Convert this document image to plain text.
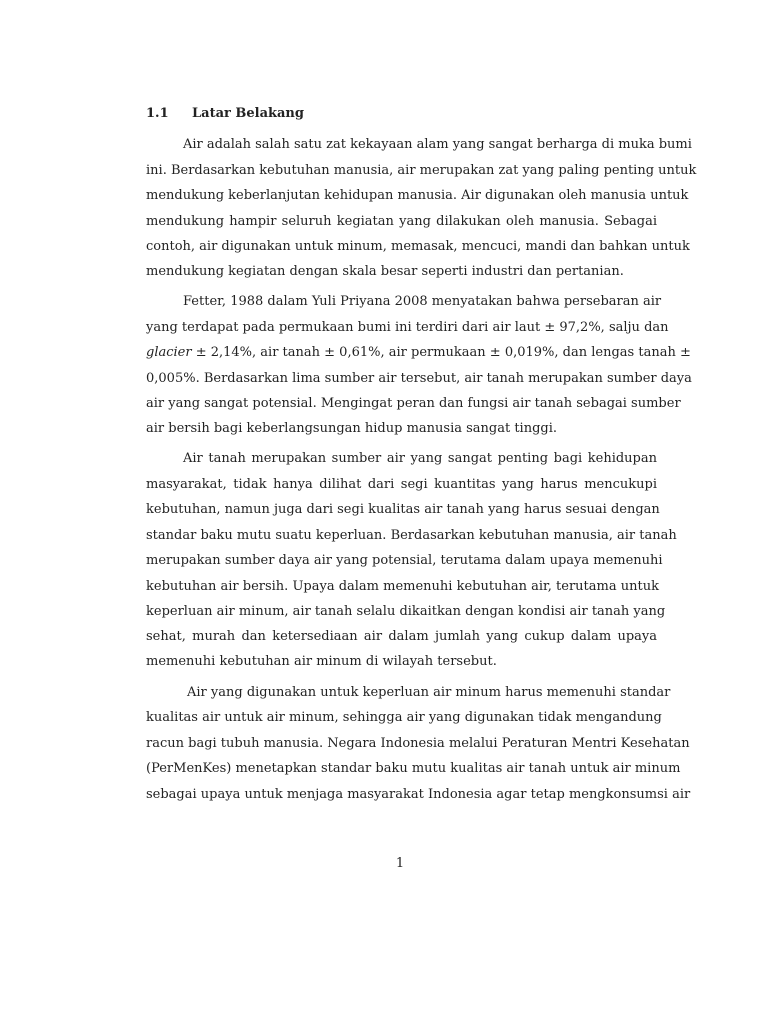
1.1 Latar Belakang
Air adalah salah satu zat kekayaan alam yang sangat berharga di muka bumi
ini. Berdasarkan kebutuhan manusia, air merupakan zat yang paling penting untuk
mendukung keberlanjutan kehidupan manusia. Air digunakan oleh manusia untuk
mendukung hampir seluruh kegiatan yang dilakukan oleh manusia. Sebagai
contoh, air digunakan untuk minum, memasak, mencuci, mandi dan bahkan untuk
mendukung kegiatan dengan skala besar seperti industri dan pertanian.
Fetter, 1988 dalam Yuli Priyana 2008 menyatakan bahwa persebaran air
yang terdapat pada permukaan bumi ini terdiri dari air laut ± 97,2%, salju dan
glacier ± 2,14%, air tanah ± 0,61%, air permukaan ± 0,019%, dan lengas tanah ±
0,005%. Berdasarkan lima sumber air tersebut, air tanah merupakan sumber daya
air yang sangat potensial. Mengingat peran dan fungsi air tanah sebagai sumber
air bersih bagi keberlangsungan hidup manusia sangat tinggi.
Air tanah merupakan sumber air yang sangat penting bagi kehidupan
masyarakat, tidak hanya dilihat dari segi kuantitas yang harus mencukupi
kebutuhan, namun juga dari segi kualitas air tanah yang harus sesuai dengan
standar baku mutu suatu keperluan. Berdasarkan kebutuhan manusia, air tanah
merupakan sumber daya air yang potensial, terutama dalam upaya memenuhi
kebutuhan air bersih. Upaya dalam memenuhi kebutuhan air, terutama untuk
keperluan air minum, air tanah selalu dikaitkan dengan kondisi air tanah yang
sehat, murah dan ketersediaan air dalam jumlah yang cukup dalam upaya
memenuhi kebutuhan air minum di wilayah tersebut.
Air yang digunakan untuk keperluan air minum harus memenuhi standar
kualitas air untuk air minum, sehingga air yang digunakan tidak mengandung
racun bagi tubuh manusia. Negara Indonesia melalui Peraturan Mentri Kesehatan
(PerMenKes) menetapkan standar baku mutu kualitas air tanah untuk air minum
sebagai upaya untuk menjaga masyarakat Indonesia agar tetap mengkonsumsi air
1
